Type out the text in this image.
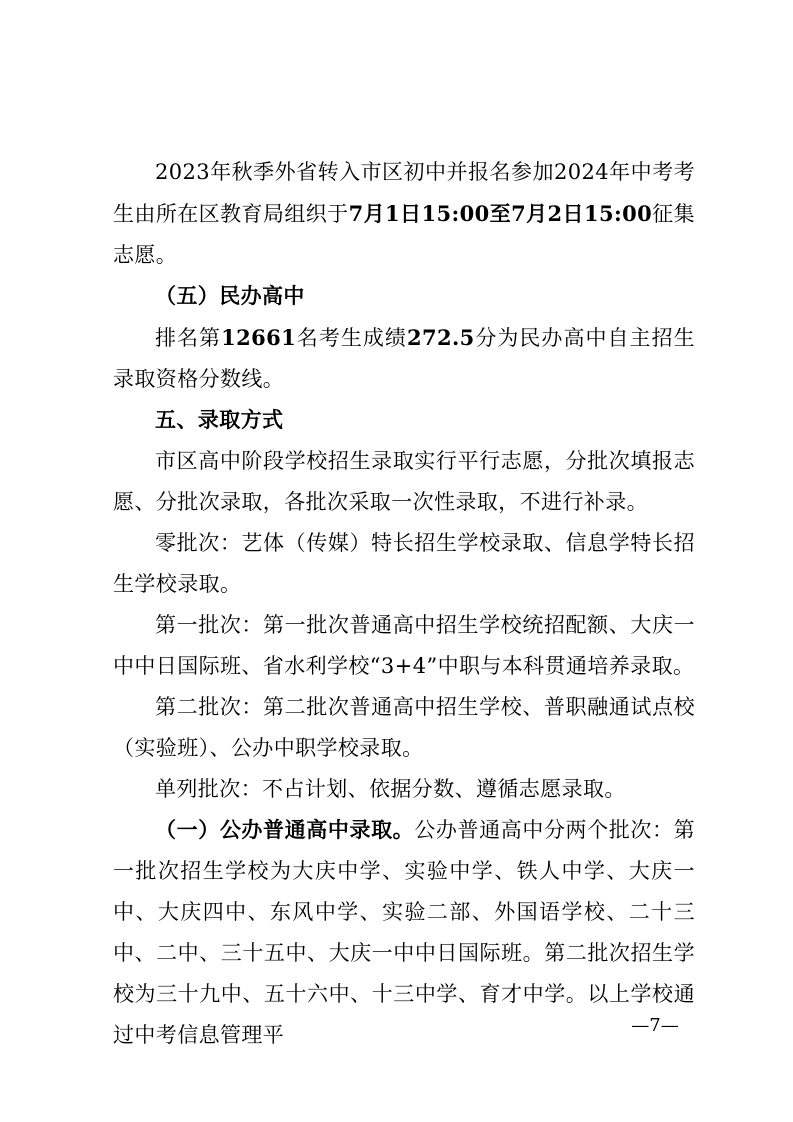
2023年秋季外省转入市区初中并报名参加2024年中考考生由所在区教育局组织于7月1日15:00至7月2日15:00征集志愿。

（五）民办高中

排名第12661名考生成绩272.5分为民办高中自主招生录取资格分数线。

五、录取方式

市区高中阶段学校招生录取实行平行志愿，分批次填报志愿、分批次录取，各批次采取一次性录取，不进行补录。

零批次：艺体（传媒）特长招生学校录取、信息学特长招生学校录取。

第一批次：第一批次普通高中招生学校统招配额、大庆一中中日国际班、省水利学校“3+4”中职与本科贯通培养录取。

第二批次：第二批次普通高中招生学校、普职融通试点校（实验班）、公办中职学校录取。

单列批次：不占计划、依据分数、遵循志愿录取。

（一）公办普通高中录取。公办普通高中分两个批次：第一批次招生学校为大庆中学、实验中学、铁人中学、大庆一中、大庆四中、东风中学、实验二部、外国语学校、二十三中、二中、三十五中、大庆一中中日国际班。第二批次招生学校为三十九中、五十六中、十三中学、育才中学。以上学校通过中考信息管理平	—7—
